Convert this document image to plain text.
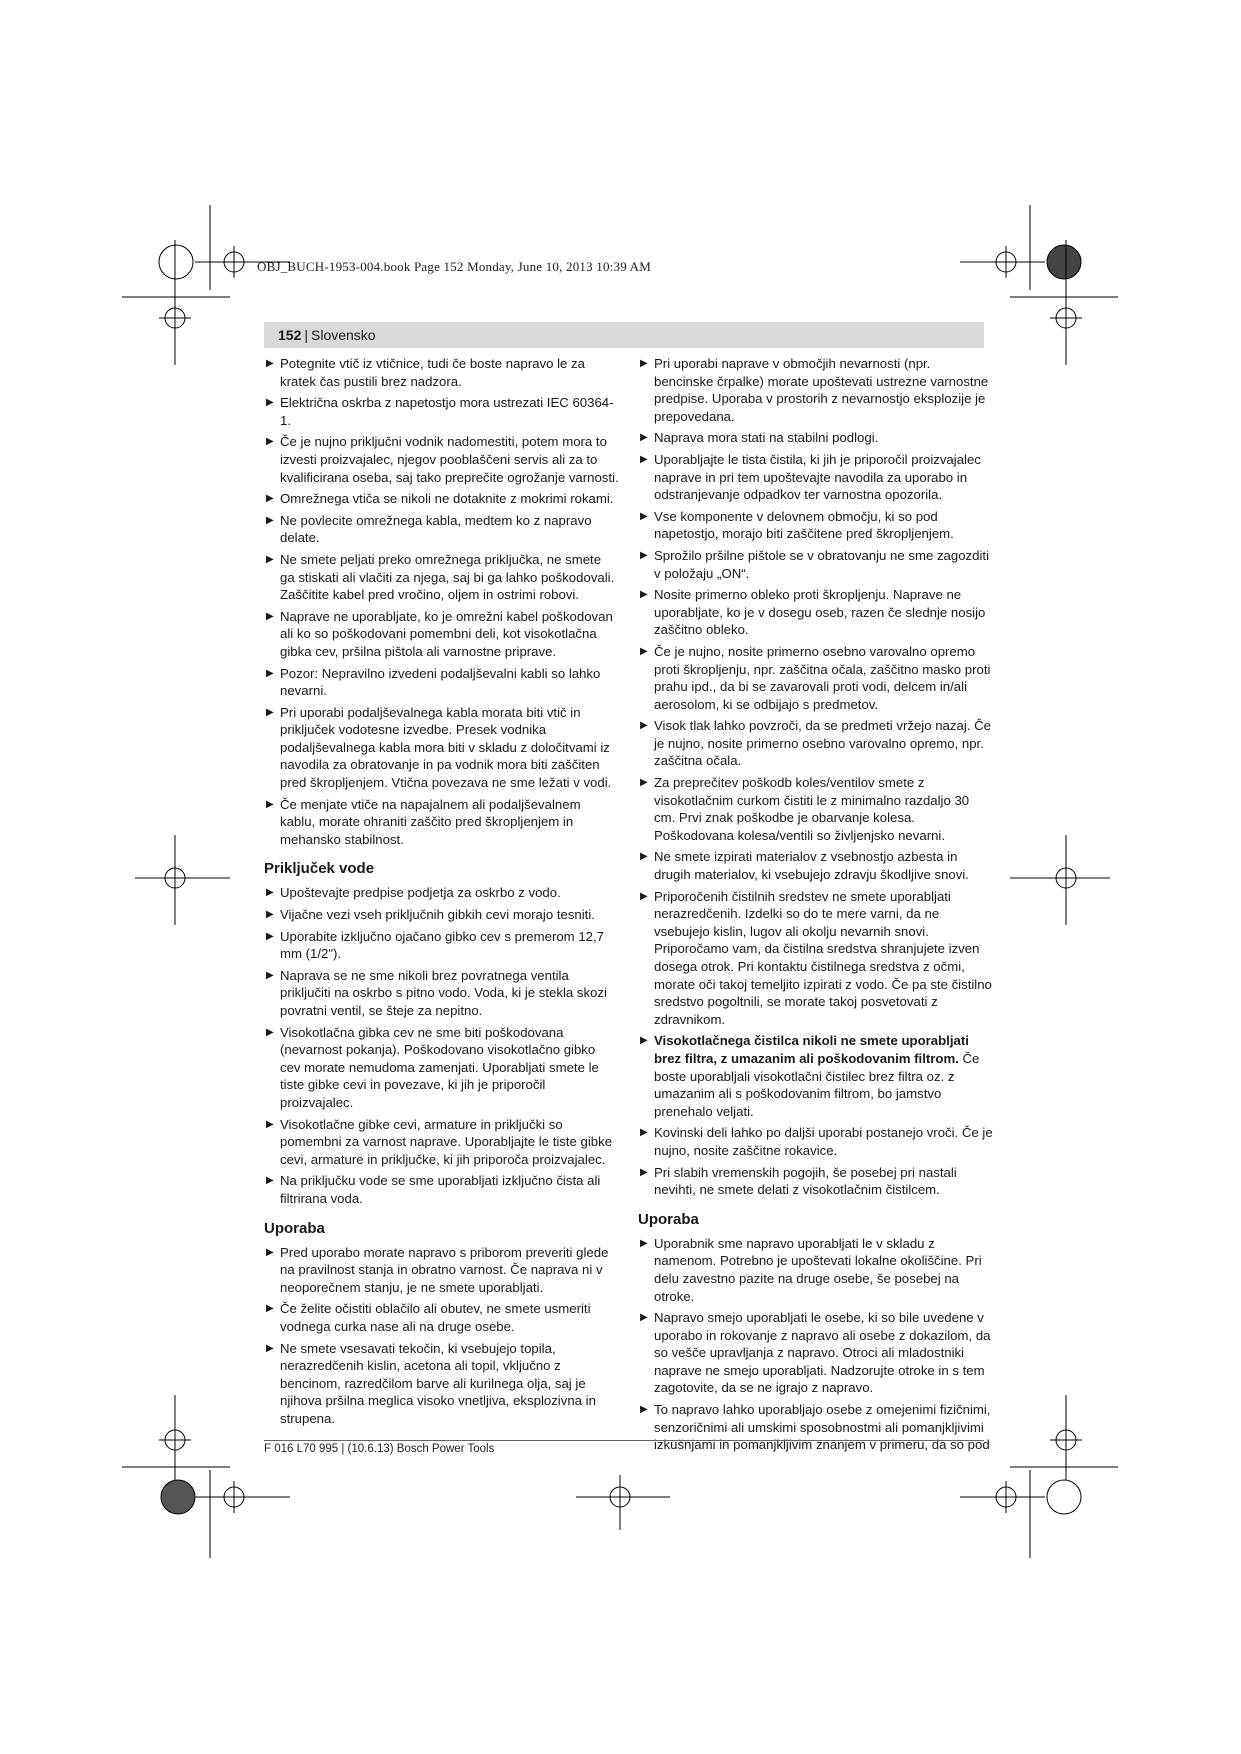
OBJ_BUCH-1953-004.book Page 152 Monday, June 10, 2013 10:39 AM
152 | Slovensko
▶ Potegnite vtič iz vtičnice, tudi če boste napravo le za kratek čas pustili brez nadzora.
▶ Električna oskrba z napetostjo mora ustrezati IEC 60364-1.
▶ Če je nujno priključni vodnik nadomestiti, potem mora to izvesti proizvajalec, njegov pooblaščeni servis ali za to kvalificirana oseba, saj tako preprečite ogrožanje varnosti.
▶ Omrežnega vtiča se nikoli ne dotaknite z mokrimi rokami.
▶ Ne povlecite omrežnega kabla, medtem ko z napravo delate.
▶ Ne smete peljati preko omrežnega priključka, ne smete ga stiskati ali vlačiti za njega, saj bi ga lahko poškodovali. Zaščitite kabel pred vročino, oljem in ostrimi robovi.
▶ Naprave ne uporabljate, ko je omrežni kabel poškodovan ali ko so poškodovani pomembni deli, kot visokotlačna gibka cev, pršilna pištola ali varnostne priprave.
▶ Pozor: Nepravilno izvedeni podaljševalni kabli so lahko nevarni.
▶ Pri uporabi podaljševalnega kabla morata biti vtič in priključek vodotesne izvedbe. Presek vodnika podaljševalnega kabla mora biti v skladu z določitvami iz navodila za obratovanje in pa vodnik mora biti zaščiten pred škropljenjem. Vtična povezava ne sme ležati v vodi.
▶ Če menjate vtiče na napajalnem ali podaljševalnem kablu, morate ohraniti zaščito pred škropljenjem in mehansko stabilnost.
Priključek vode
▶ Upoštevajte predpise podjetja za oskrbo z vodo.
▶ Vijačne vezi vseh priključnih gibkih cevi morajo tesniti.
▶ Uporabite izključno ojačano gibko cev s premerom 12,7 mm (1/2").
▶ Naprava se ne sme nikoli brez povratnega ventila priključiti na oskrbo s pitno vodo. Voda, ki je stekla skozi povratni ventil, se šteje za nepitno.
▶ Visokotlačna gibka cev ne sme biti poškodovana (nevarnost pokanja). Poškodovano visokotlačno gibko cev morate nemudoma zamenjati. Uporabljati smete le tiste gibke cevi in povezave, ki jih je priporočil proizvajalec.
▶ Visokotlačne gibke cevi, armature in priključki so pomembni za varnost naprave. Uporabljajte le tiste gibke cevi, armature in priključke, ki jih priporoča proizvajalec.
▶ Na priključku vode se sme uporabljati izključno čista ali filtrirana voda.
Uporaba
▶ Pred uporabo morate napravo s priborom preveriti glede na pravilnost stanja in obratno varnost. Če naprava ni v neoporečnem stanju, je ne smete uporabljati.
▶ Če želite očistiti oblačilo ali obutev, ne smete usmeriti vodnega curka nase ali na druge osebe.
▶ Ne smete vsesavati tekočin, ki vsebujejo topila, nerazredčenih kislin, acetona ali topil, vključno z bencinom, razredčilom barve ali kurilnega olja, saj je njihova pršilna meglica visoko vnetljiva, eksplozivna in strupena.
▶ Pri uporabi naprave v območjih nevarnosti (npr. bencinske črpalke) morate upoštevati ustrezne varnostne predpise. Uporaba v prostorih z nevarnostjo eksplozije je prepovedana.
▶ Naprava mora stati na stabilni podlogi.
▶ Uporabljajte le tista čistila, ki jih je priporočil proizvajalec naprave in pri tem upoštevajte navodila za uporabo in odstranjevanje odpadkov ter varnostna opozorila.
▶ Vse komponente v delovnem območju, ki so pod napetostjo, morajo biti zaščitene pred škropljenjem.
▶ Sprožilo pršilne pištole se v obratovanju ne sme zagozditi v položaju „ON“.
▶ Nosite primerno obleko proti škropljenju. Naprave ne uporabljate, ko je v dosegu oseb, razen če slednje nosijo zaščitno obleko.
▶ Če je nujno, nosite primerno osebno varovalno opremo proti škropljenju, npr. zaščitna očala, zaščitno masko proti prahu ipd., da bi se zavarovali proti vodi, delcem in/ali aerosolom, ki se odbijajo s predmetov.
▶ Visok tlak lahko povzroči, da se predmeti vržejo nazaj. Če je nujno, nosite primerno osebno varovalno opremo, npr. zaščitna očala.
▶ Za preprečitev poškodb koles/ventilov smete z visokotlačnim curkom čistiti le z minimalno razdaljo 30 cm. Prvi znak poškodbe je obarvanje kolesa. Poškodovana kolesa/ventili so življenjsko nevarni.
▶ Ne smete izpirati materialov z vsebnostjo azbesta in drugih materialov, ki vsebujejo zdravju škodljive snovi.
▶ Priporočenih čistilnih sredstev ne smete uporabljati nerazredčenih. Izdelki so do te mere varni, da ne vsebujejo kislin, lugov ali okolju nevarnih snovi. Priporočamo vam, da čistilna sredstva shranjujete izven dosega otrok. Pri kontaktu čistilnega sredstva z očmi, morate oči takoj temeljito izpirati z vodo. Če pa ste čistilno sredstvo pogoltnili, se morate takoj posvetovati z zdravnikom.
▶ Visokotlačnega čistilca nikoli ne smete uporabljati brez filtra, z umazanim ali poškodovanim filtrom. Če boste uporabljali visokotlačni čistilec brez filtra oz. z umazanim ali s poškodovanim filtrom, bo jamstvo prenehalo veljati.
▶ Kovinski deli lahko po daljši uporabi postanejo vroči. Če je nujno, nosite zaščitne rokavice.
▶ Pri slabih vremenskih pogojih, še posebej pri nastali nevihti, ne smete delati z visokotlačnim čistilcem.
Uporaba
▶ Uporabnik sme napravo uporabljati le v skladu z namenom. Potrebno je upoštevati lokalne okoliščine. Pri delu zavestno pazite na druge osebe, še posebej na otroke.
▶ Napravo smejo uporabljati le osebe, ki so bile uvedene v uporabo in rokovanje z napravo ali osebe z dokazilom, da so vešče upravljanja z napravo. Otroci ali mladostniki naprave ne smejo uporabljati. Nadzorujte otroke in s tem zagotovite, da se ne igrajo z napravo.
▶ To napravo lahko uporabljajo osebe z omejenimi fizičnimi, senzoričnimi ali umskimi sposobnostmi ali pomanjkljivimi izkušnjami in pomanjkljivim znanjem v primeru, da so pod
F 016 L70 995 | (10.6.13) Bosch Power Tools
